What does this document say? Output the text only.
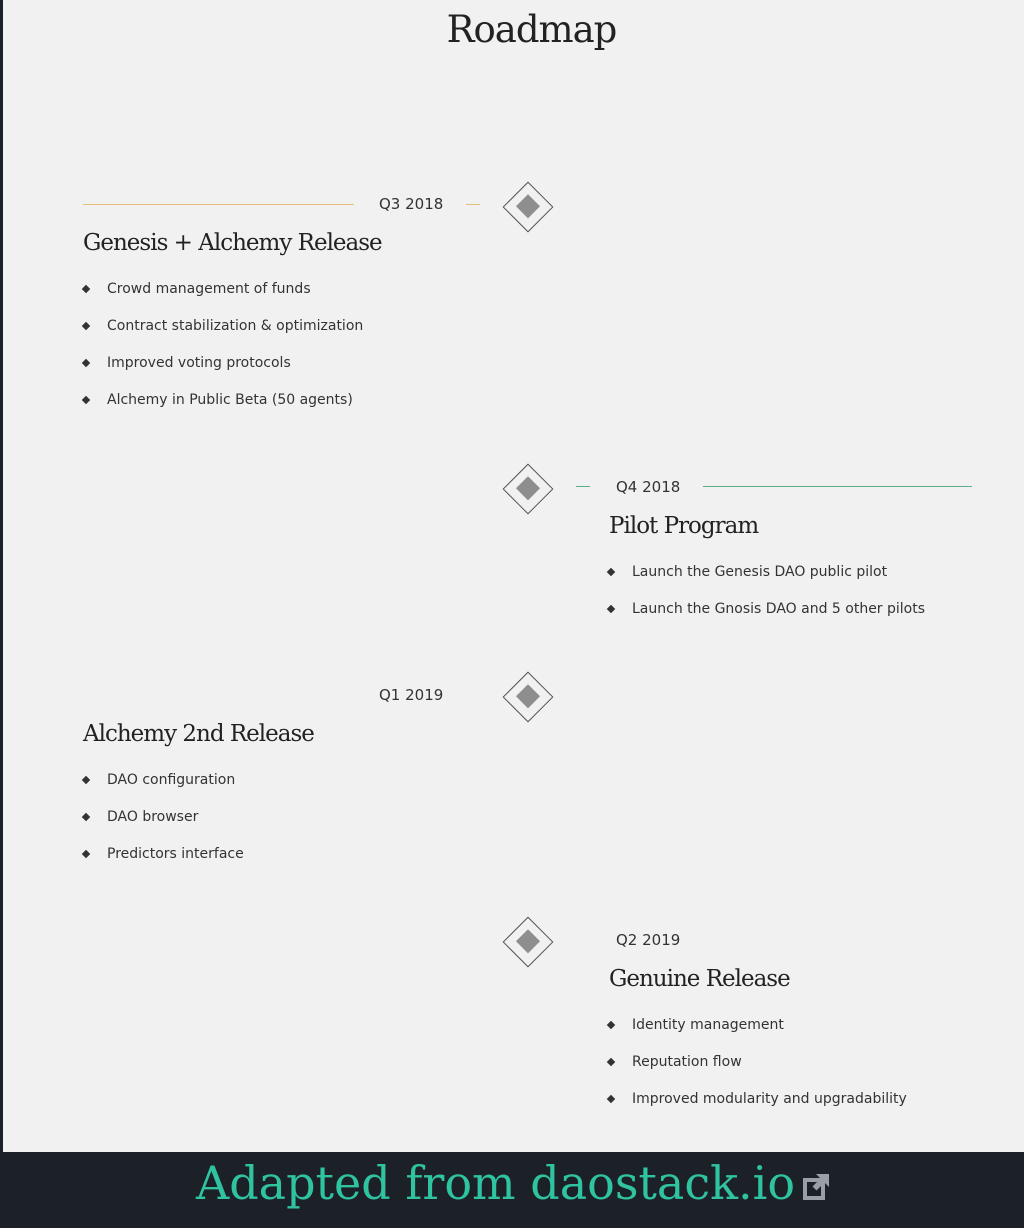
Roadmap
Q3 2018
Genesis + Alchemy Release
Crowd management of funds
Contract stabilization & optimization
Improved voting protocols
Alchemy in Public Beta (50 agents)
Q4 2018
Pilot Program
Launch the Genesis DAO public pilot
Launch the Gnosis DAO and 5 other pilots
Q1 2019
Alchemy 2nd Release
DAO configuration
DAO browser
Predictors interface
Q2 2019
Genuine Release
Identity management
Reputation flow
Improved modularity and upgradability
Adapted from daostack.io
